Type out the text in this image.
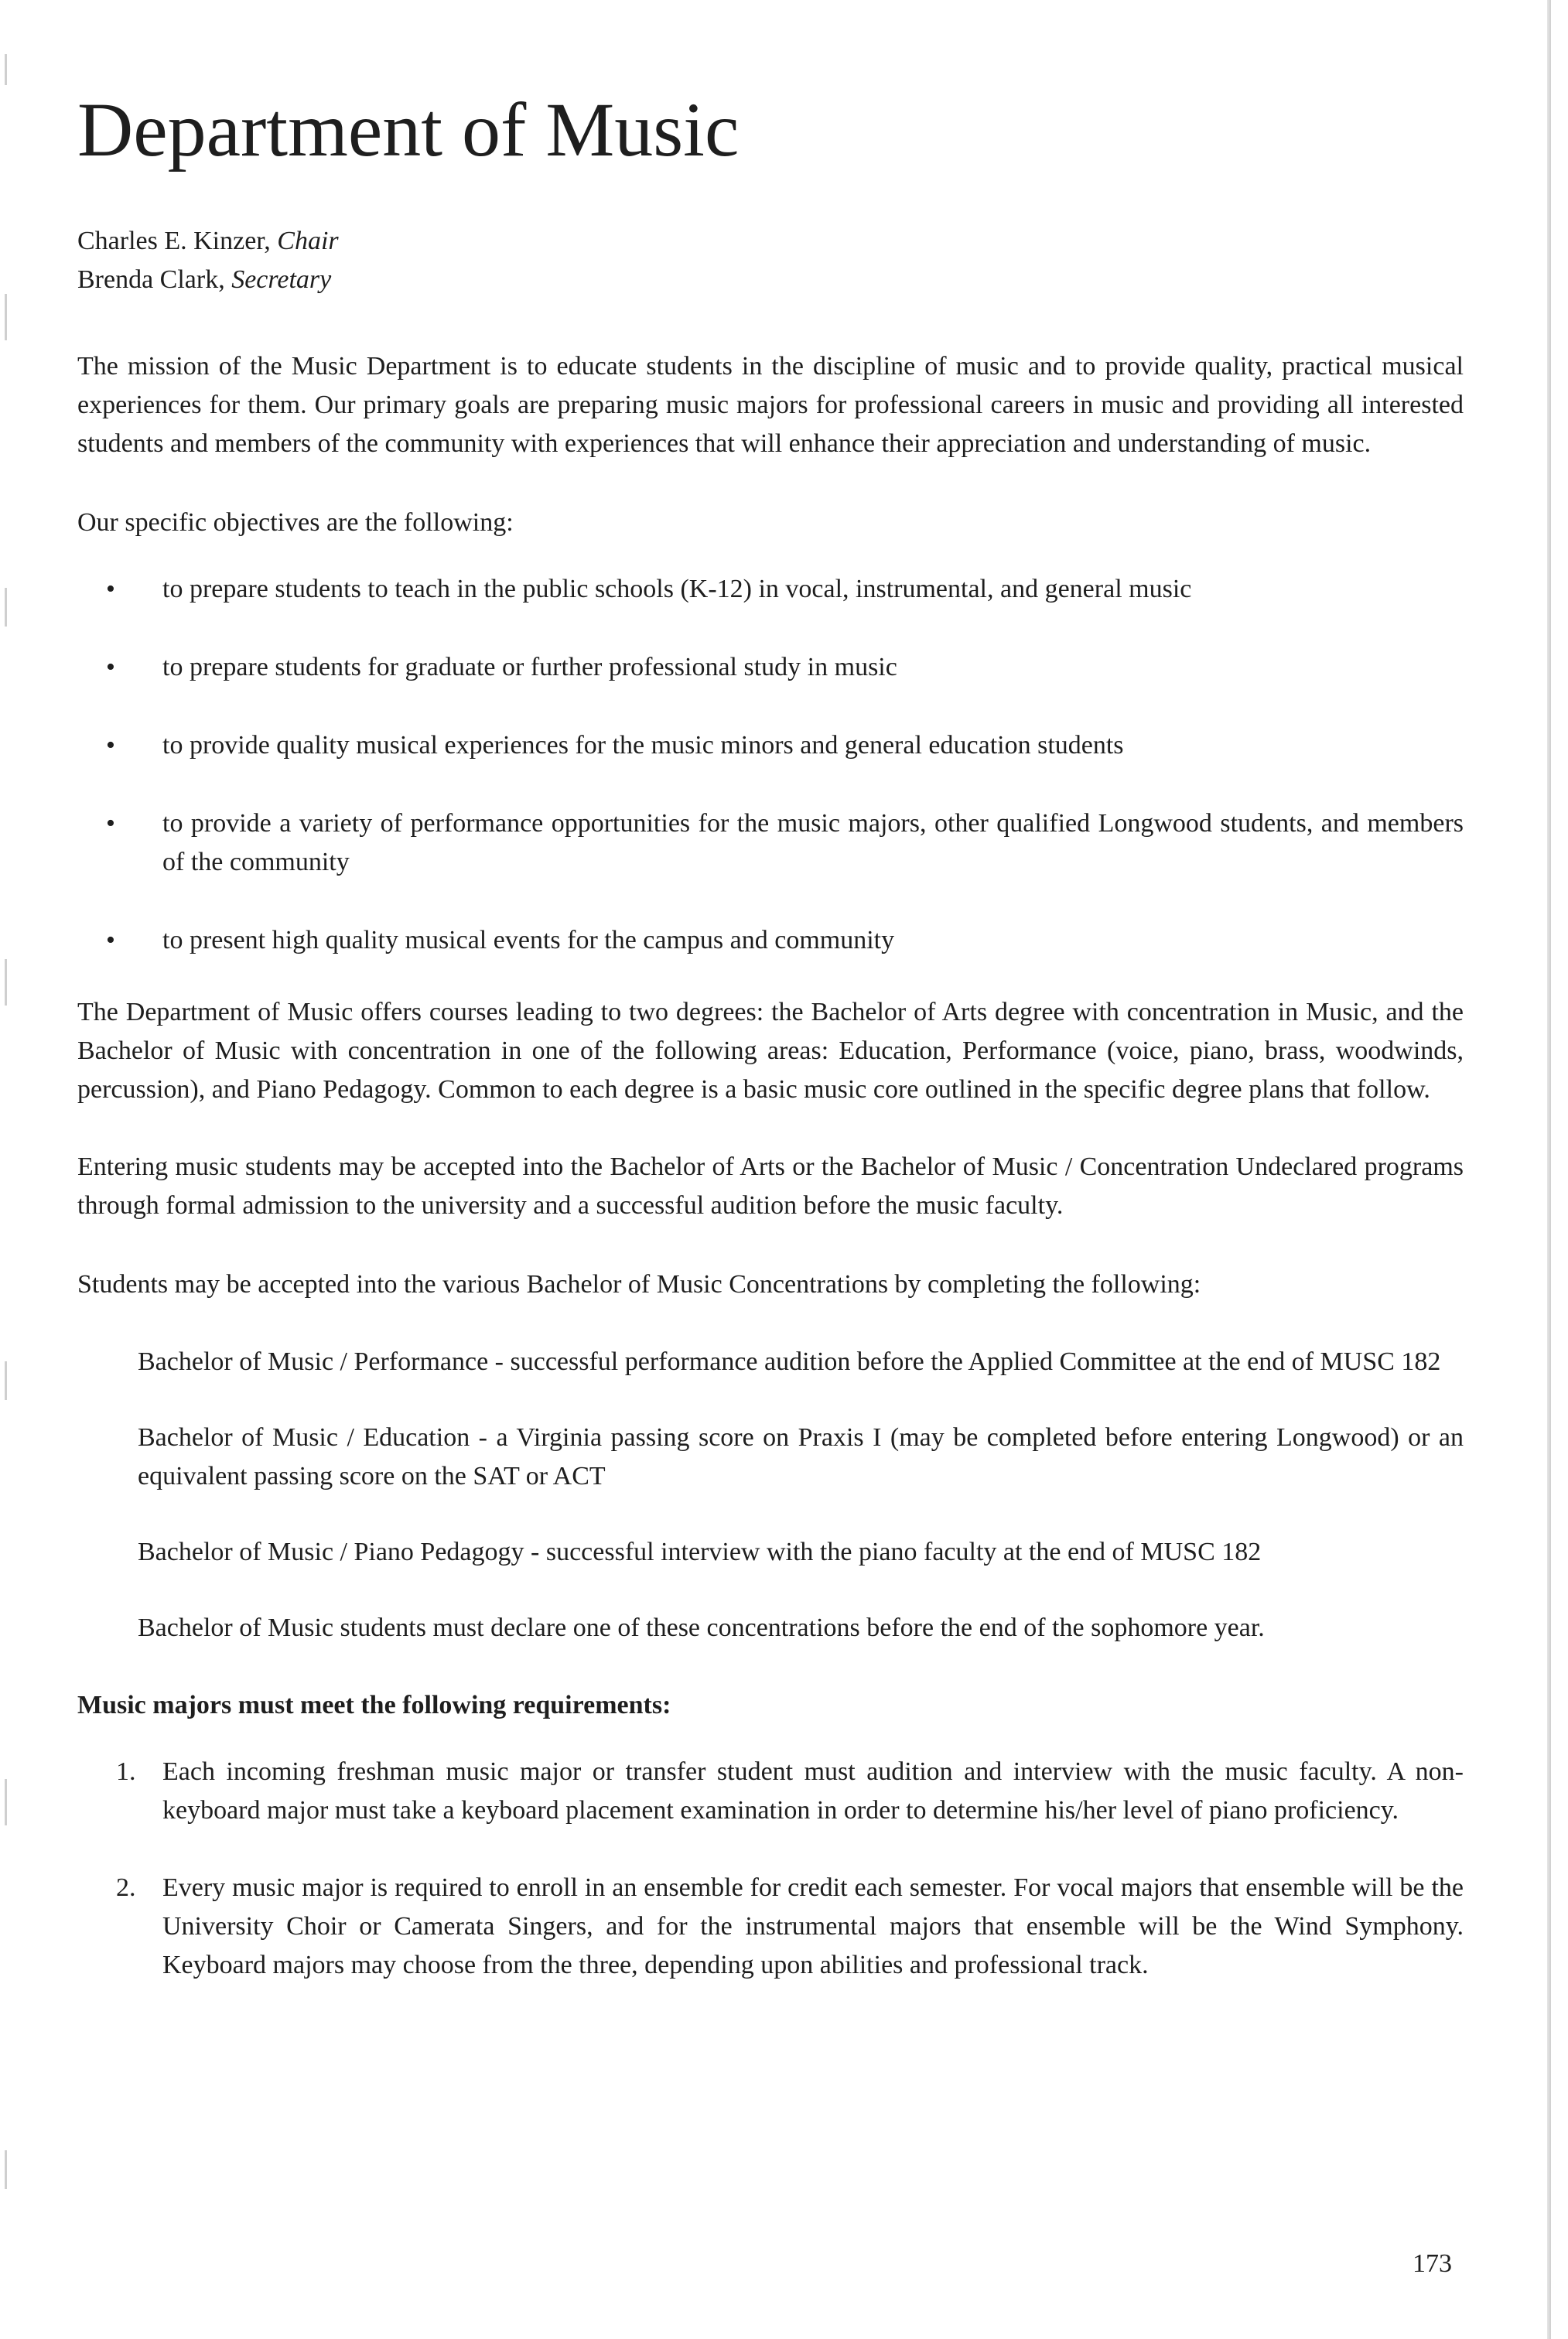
Department of Music
Charles E. Kinzer, Chair
Brenda Clark, Secretary

The mission of the Music Department is to educate students in the discipline of music and to provide quality, practical musical experiences for them. Our primary goals are preparing music majors for professional careers in music and providing all interested students and members of the community with experiences that will enhance their appreciation and understanding of music.

Our specific objectives are the following:

• to prepare students to teach in the public schools (K-12) in vocal, instrumental, and general music
• to prepare students for graduate or further professional study in music
• to provide quality musical experiences for the music minors and general education students
• to provide a variety of performance opportunities for the music majors, other qualified Longwood students, and members of the community
• to present high quality musical events for the campus and community

The Department of Music offers courses leading to two degrees: the Bachelor of Arts degree with concentration in Music, and the Bachelor of Music with concentration in one of the following areas: Education, Performance (voice, piano, brass, woodwinds, percussion), and Piano Pedagogy. Common to each degree is a basic music core outlined in the specific degree plans that follow.

Entering music students may be accepted into the Bachelor of Arts or the Bachelor of Music / Concentration Undeclared programs through formal admission to the university and a successful audition before the music faculty.

Students may be accepted into the various Bachelor of Music Concentrations by completing the following:

Bachelor of Music / Performance - successful performance audition before the Applied Committee at the end of MUSC 182

Bachelor of Music / Education - a Virginia passing score on Praxis I (may be completed before entering Longwood) or an equivalent passing score on the SAT or ACT

Bachelor of Music / Piano Pedagogy - successful interview with the piano faculty at the end of MUSC 182

Bachelor of Music students must declare one of these concentrations before the end of the sophomore year.

Music majors must meet the following requirements:
1. Each incoming freshman music major or transfer student must audition and interview with the music faculty. A non-keyboard major must take a keyboard placement examination in order to determine his/her level of piano proficiency.
2. Every music major is required to enroll in an ensemble for credit each semester. For vocal majors that ensemble will be the University Choir or Camerata Singers, and for the instrumental majors that ensemble will be the Wind Symphony. Keyboard majors may choose from the three, depending upon abilities and professional track.
173
